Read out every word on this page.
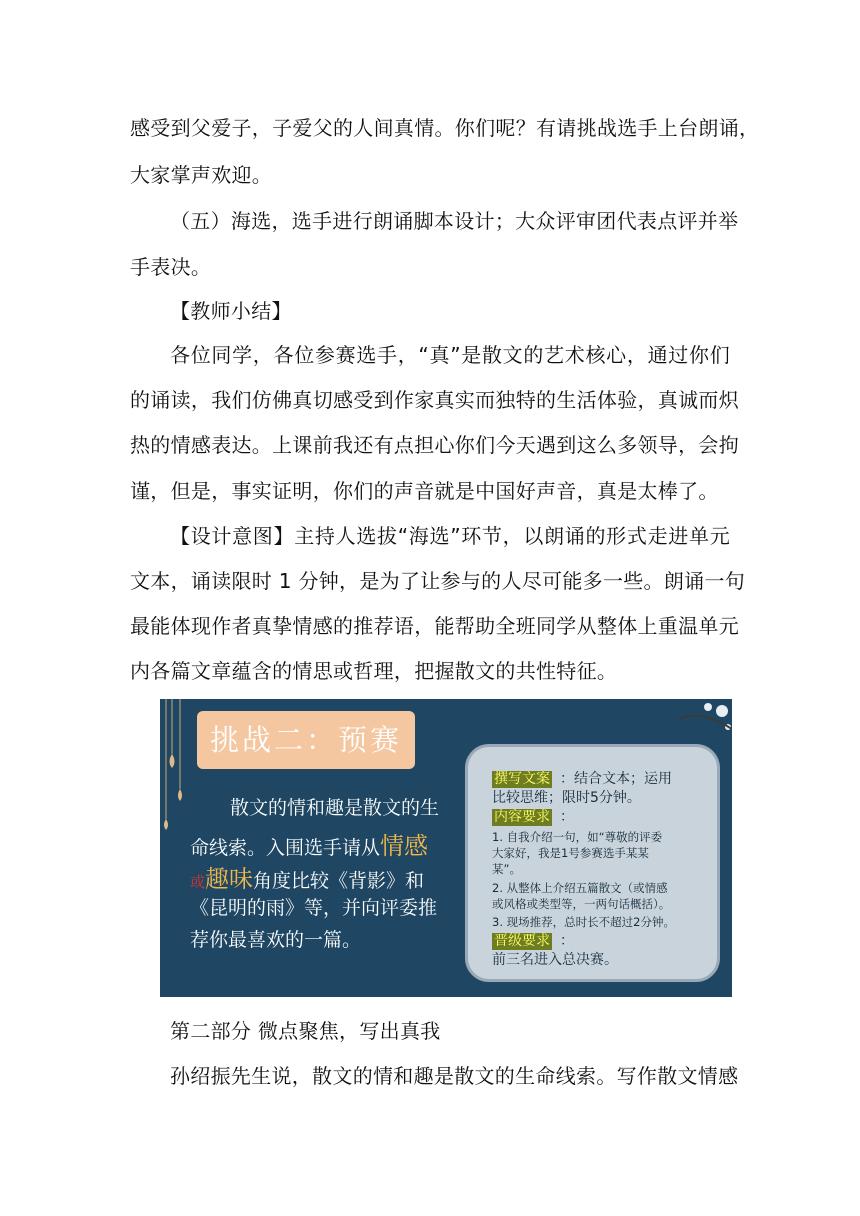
感受到父爱子，子爱父的人间真情。你们呢？有请挑战选手上台朗诵，
大家掌声欢迎。
（五）海选，选手进行朗诵脚本设计；大众评审团代表点评并举
手表决。
【教师小结】
各位同学，各位参赛选手，“真”是散文的艺术核心，通过你们
的诵读，我们仿佛真切感受到作家真实而独特的生活体验，真诚而炽
热的情感表达。上课前我还有点担心你们今天遇到这么多领导，会拘
谨，但是，事实证明，你们的声音就是中国好声音，真是太棒了。
【设计意图】主持人选拔“海选”环节，以朗诵的形式走进单元
文本，诵读限时 1 分钟，是为了让参与的人尽可能多一些。朗诵一句
最能体现作者真挚情感的推荐语，能帮助全班同学从整体上重温单元
内各篇文章蕴含的情思或哲理，把握散文的共性特征。
挑战二：预赛
散文的情和趣是散文的生
命线索。入围选手请从情感
或趣味角度比较《背影》和
《昆明的雨》等，并向评委推
荐你最喜欢的一篇。
撰写文案 ：结合文本；运用
比较思维；限时5分钟。
内容要求 ：
1. 自我介绍一句，如“尊敬的评委
大家好，我是1号参赛选手某某
某”。
2. 从整体上介绍五篇散文（或情感
或风格或类型等，一两句话概括）。
3. 现场推荐，总时长不超过2分钟。
晋级要求 ：
前三名进入总决赛。
第二部分 微点聚焦，写出真我
孙绍振先生说，散文的情和趣是散文的生命线索。写作散文情感
